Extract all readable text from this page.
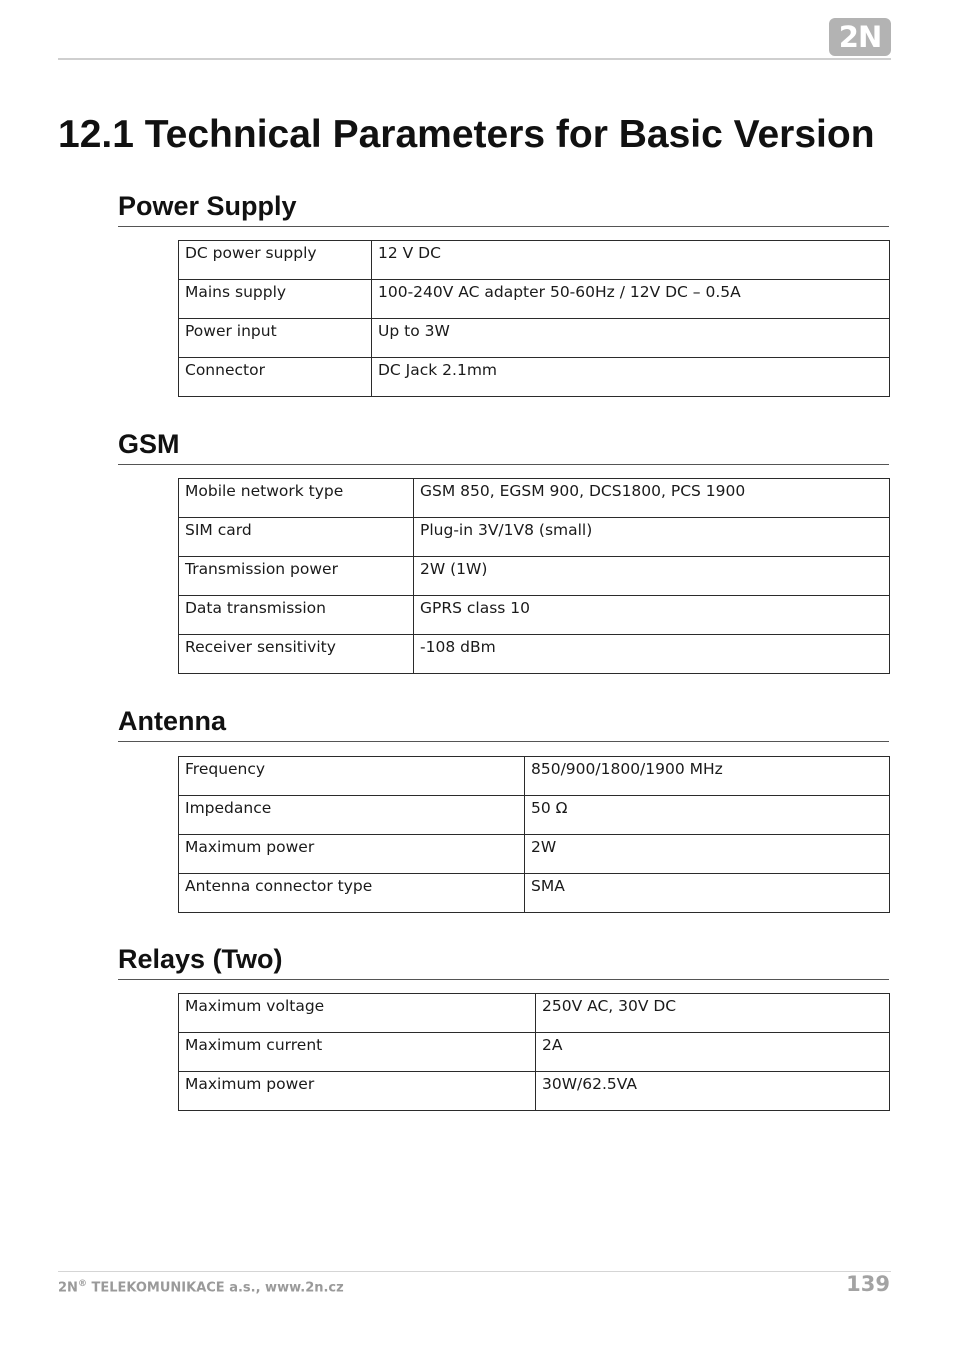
2N
12.1 Technical Parameters for Basic Version
Power Supply
DC power supply	12 V DC
Mains supply	100-240V AC adapter 50-60Hz / 12V DC – 0.5A
Power input	Up to 3W
Connector	DC Jack 2.1mm
GSM
Mobile network type	GSM 850, EGSM 900, DCS1800, PCS 1900
SIM card	Plug-in 3V/1V8 (small)
Transmission power	2W (1W)
Data transmission	GPRS class 10
Receiver sensitivity	-108 dBm
Antenna
Frequency	850/900/1800/1900 MHz
Impedance	50 Ω
Maximum power	2W
Antenna connector type	SMA
Relays (Two)
Maximum voltage	250V AC, 30V DC
Maximum current	2A
Maximum power	30W/62.5VA
2N® TELEKOMUNIKACE a.s., www.2n.cz	139
